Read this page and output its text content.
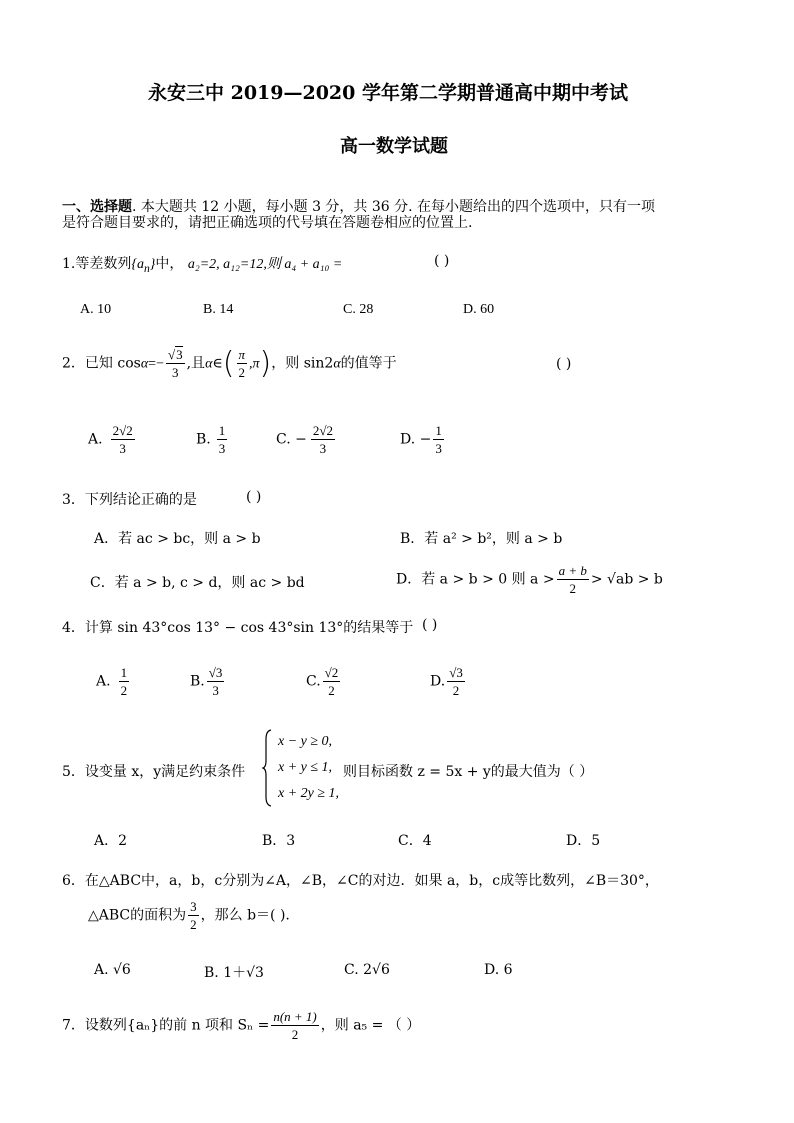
永安三中 2019—2020 学年第二学期普通高中期中考试
高一数学试题
一、选择题. 本大题共 12 小题，每小题 3 分，共 36 分. 在每小题给出的四个选项中，只有一项
是符合题目要求的，请把正确选项的代号填在答题卷相应的位置上.
1.等差数列$\{a_n\}$中， a₂=2, a₁₂=12,则 a₄ + a₁₀ =	( )
A. 10	B. 14	C. 28	D. 60
2．已知 $\cos\alpha=- \frac{√3}{3}$ ,且α∈( $\frac{\pi}{2} ,\pi$)，则 sin2α的值等于	( )
A. $\frac{2√2}{3}$	B. $\frac{1}{3}$	C. − $\frac{2√2}{3}$	D. − $\frac{1}{3}$
3．下列结论正确的是	( )
A．若 ac > bc，则 a > b	B．若 a² > b²，则 a > b
C．若 a > b, c > d，则 ac > bd	D．若 a > b > 0 则 $a > \frac{a + b}{2} > √ab > b$
4．计算 sin 43°cos 13° − cos 43°sin 13°的结果等于 ( )
A. $\frac{1}{2}$	B. $\frac{√3}{3}$	C. $\frac{√2}{2}$	D. $\frac{√3}{2}$
5．设变量 x，y满足约束条件
x − y ≥ 0,
x + y ≤ 1,
x + 2y ≥ 1,
则目标函数 z = 5x + y的最大值为（ ）
A．2	B．3	C．4	D．5
6．在△ABC中，a，b，c分别为∠A，∠B，∠C的对边．如果 a，b，c成等比数列，∠B＝30°，
△ABC的面积为 $\frac{3}{2}$ ，那么 b＝( ).
A. √6	B. 1＋√3	C. 2√6	D. 6
7．设数列{aₙ}的前 n 项和 $S_n = \frac{n(n + 1)}{2}$ ，则 a₅ = （ ）
